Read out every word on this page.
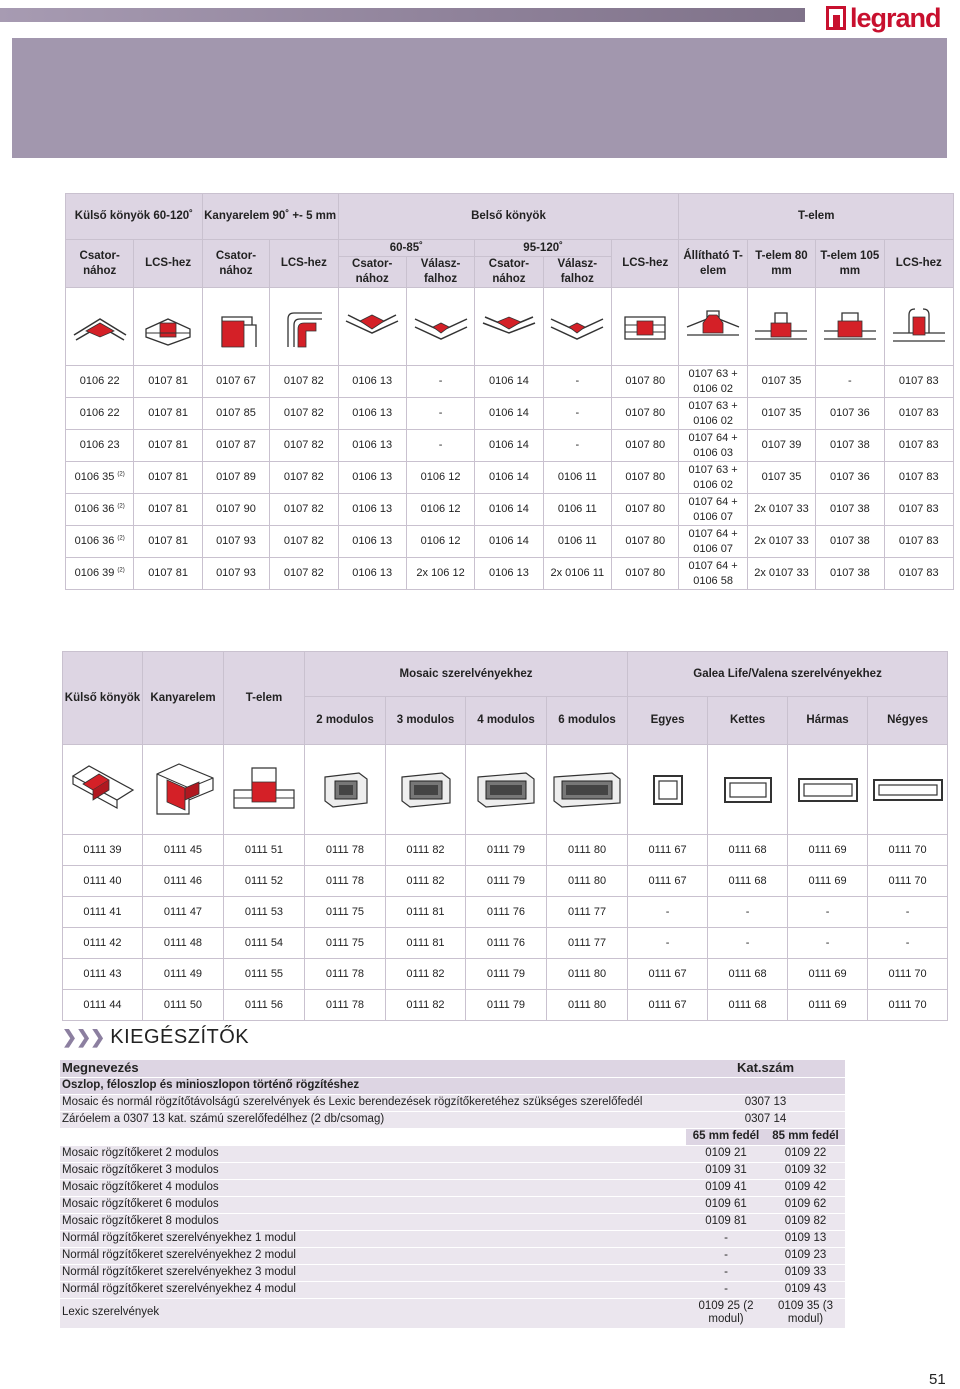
legrand
Külső könyök 60-120˚		Kanyarelem 90˚ +- 5 mm		Belső könyök					T-elem			
Csator-nához	LCS-hez	Csator-nához	LCS-hez	60-85˚		95-120˚		LCS-hez	Állítható T-elem	T-elem 80 mm	T-elem 105 mm	LCS-hez
				Csator-nához	Válasz-falhoz	Csator-nához	Válasz-falhoz					

0106 22	0107 81	0107 67	0107 82	0106 13	-	0106 14	-	0107 80	0107 63 + 0106 02	0107 35	-	0107 83
0106 22	0107 81	0107 85	0107 82	0106 13	-	0106 14	-	0107 80	0107 63 + 0106 02	0107 35	0107 36	0107 83
0106 23	0107 81	0107 87	0107 82	0106 13	-	0106 14	-	0107 80	0107 64 + 0106 03	0107 39	0107 38	0107 83
0106 35 $^{(2)}$	0107 81	0107 89	0107 82	0106 13	0106 12	0106 14	0106 11	0107 80	0107 63 + 0106 02	0107 35	0107 36	0107 83
0106 36 $^{(2)}$	0107 81	0107 90	0107 82	0106 13	0106 12	0106 14	0106 11	0107 80	0107 64 + 0106 07	2x 0107 33	0107 38	0107 83
0106 36 $^{(2)}$	0107 81	0107 93	0107 82	0106 13	0106 12	0106 14	0106 11	0107 80	0107 64 + 0106 07	2x 0107 33	0107 38	0107 83
0106 39 $^{(2)}$	0107 81	0107 93	0107 82	0106 13	2x 106 12	0106 13	2x 0106 11	0107 80	0107 64 + 0106 58	2x 0107 33	0107 38	0107 83
Külső könyök	Kanyarelem	T-elem	Mosaic szerelvényekhez				Galea Life/Valena szerelvényekhez			
			2 modulos	3 modulos	4 modulos	6 modulos	Egyes	Kettes	Hármas	Négyes

0111 39	0111 45	0111 51	0111 78	0111 82	0111 79	0111 80	0111 67	0111 68	0111 69	0111 70
0111 40	0111 46	0111 52	0111 78	0111 82	0111 79	0111 80	0111 67	0111 68	0111 69	0111 70
0111 41	0111 47	0111 53	0111 75	0111 81	0111 76	0111 77	-	-	-	-
0111 42	0111 48	0111 54	0111 75	0111 81	0111 76	0111 77	-	-	-	-
0111 43	0111 49	0111 55	0111 78	0111 82	0111 79	0111 80	0111 67	0111 68	0111 69	0111 70
0111 44	0111 50	0111 56	0111 78	0111 82	0111 79	0111 80	0111 67	0111 68	0111 69	0111 70
❯❯❯ KIEGÉSZÍTŐK
Megnevezés	Kat.szám	
Oszlop, féloszlop és minioszlopon történő rögzítéshez		
Mosaic és normál rögzítőtávolságú szerelvények és Lexic berendezések rögzítőkeretéhez szükséges szerelőfedél	0307 13	
Záróelem a 0307 13 kat. számú szerelőfedélhez (2 db/csomag)	0307 14	
	65 mm fedél	85 mm fedél
Mosaic rögzítőkeret 2 modulos	0109 21	0109 22
Mosaic rögzítőkeret 3 modulos	0109 31	0109 32
Mosaic rögzítőkeret 4 modulos	0109 41	0109 42
Mosaic rögzítőkeret 6 modulos	0109 61	0109 62
Mosaic rögzítőkeret 8 modulos	0109 81	0109 82
Normál rögzítőkeret szerelvényekhez 1 modul	-	0109 13
Normál rögzítőkeret szerelvényekhez 2 modul	-	0109 23
Normál rögzítőkeret szerelvényekhez 3 modul	-	0109 33
Normál rögzítőkeret szerelvényekhez 4 modul	-	0109 43
Lexic szerelvények	0109 25 (2 modul)	0109 35 (3 modul)
51
